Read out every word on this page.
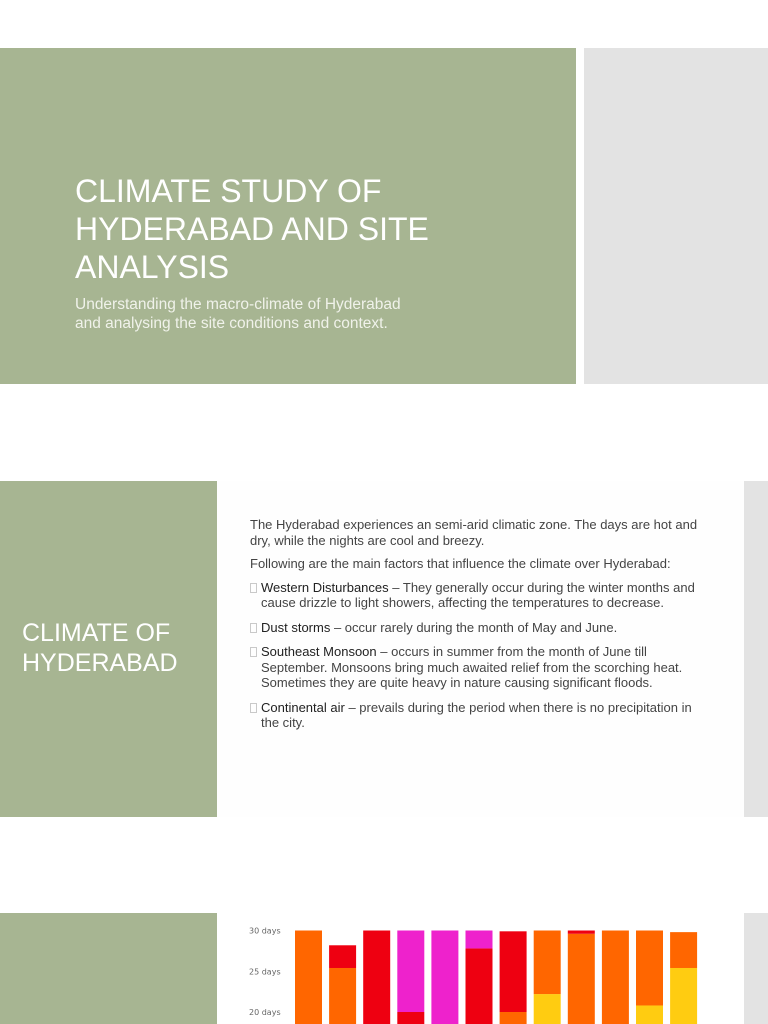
CLIMATE STUDY OF
HYDERABAD AND SITE
ANALYSIS
Understanding the macro-climate of Hyderabad
and analysing the site conditions and context.
CLIMATE OF
HYDERABAD

The Hyderabad experiences an semi-arid climatic zone. The days are hot and dry, while the nights are cool and breezy.

Following are the main factors that influence the climate over Hyderabad:

Western Disturbances – They generally occur during the winter months and cause drizzle to light showers, affecting the temperatures to decrease.
Dust storms – occur rarely during the month of May and June.
Southeast Monsoon – occurs in summer from the month of June till September. Monsoons bring much awaited relief from the scorching heat. Sometimes they are quite heavy in nature causing significant floods.
Continental air – prevails during the period when there is no precipitation in the city.
30 days
25 days
20 days
